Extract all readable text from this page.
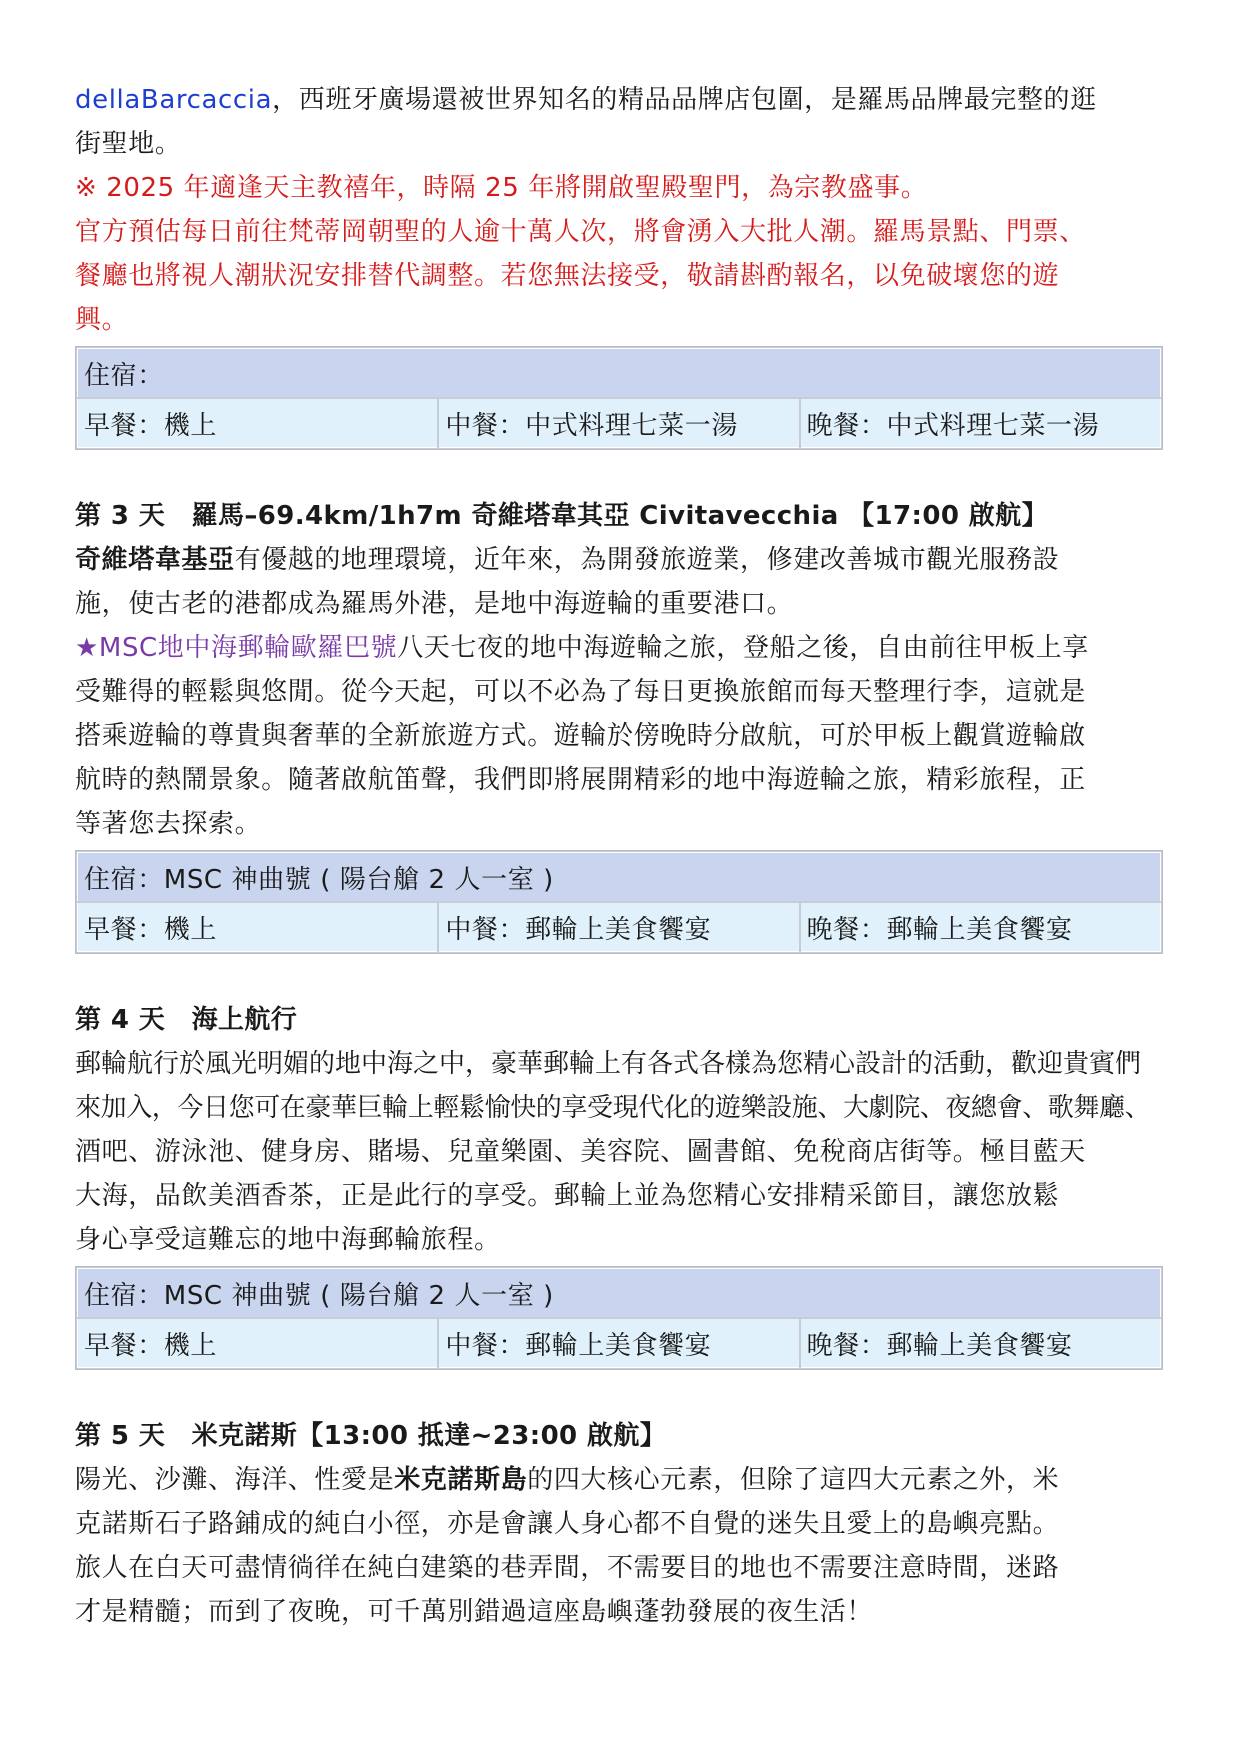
dellaBarcaccia，西班牙廣場還被世界知名的精品品牌店包圍，是羅馬品牌最完整的逛

街聖地。

※ 2025 年適逢天主教禧年，時隔 25 年將開啟聖殿聖門，為宗教盛事。

官方預估每日前往梵蒂岡朝聖的人逾十萬人次，將會湧入大批人潮。羅馬景點、門票、

餐廳也將視人潮狀況安排替代調整。若您無法接受，敬請斟酌報名，以免破壞您的遊

興。

住宿：
早餐：機上	中餐：中式料理七菜一湯	晚餐：中式料理七菜一湯

第 3 天　羅馬–69.4km/1h7m 奇維塔韋其亞 Civitavecchia 【17:00 啟航】

奇維塔韋基亞有優越的地理環境，近年來，為開發旅遊業，修建改善城市觀光服務設

施，使古老的港都成為羅馬外港，是地中海遊輪的重要港口。

★MSC地中海郵輪歐羅巴號八天七夜的地中海遊輪之旅，登船之後，自由前往甲板上享

受難得的輕鬆與悠閒。從今天起，可以不必為了每日更換旅館而每天整理行李，這就是

搭乘遊輪的尊貴與奢華的全新旅遊方式。遊輪於傍晚時分啟航，可於甲板上觀賞遊輪啟

航時的熱鬧景象。隨著啟航笛聲，我們即將展開精彩的地中海遊輪之旅，精彩旅程，正

等著您去探索。

住宿：MSC 神曲號 ( 陽台艙 2 人一室 )
早餐：機上	中餐：郵輪上美食饗宴	晚餐：郵輪上美食饗宴

第 4 天　海上航行

郵輪航行於風光明媚的地中海之中，豪華郵輪上有各式各樣為您精心設計的活動，歡迎貴賓們

來加入，今日您可在豪華巨輪上輕鬆愉快的享受現代化的遊樂設施、大劇院、夜總會、歌舞廳、

酒吧、游泳池、健身房、賭場、兒童樂園、美容院、圖書館、免稅商店街等。極目藍天

大海，品飲美酒香茶，正是此行的享受。郵輪上並為您精心安排精采節目，讓您放鬆

身心享受這難忘的地中海郵輪旅程。

住宿：MSC 神曲號 ( 陽台艙 2 人一室 )
早餐：機上	中餐：郵輪上美食饗宴	晚餐：郵輪上美食饗宴

第 5 天　米克諾斯【13:00 抵達~23:00 啟航】

陽光、沙灘、海洋、性愛是米克諾斯島的四大核心元素，但除了這四大元素之外，米

克諾斯石子路鋪成的純白小徑，亦是會讓人身心都不自覺的迷失且愛上的島嶼亮點。

旅人在白天可盡情徜徉在純白建築的巷弄間，不需要目的地也不需要注意時間，迷路

才是精髓；而到了夜晚，可千萬別錯過這座島嶼蓬勃發展的夜生活！
